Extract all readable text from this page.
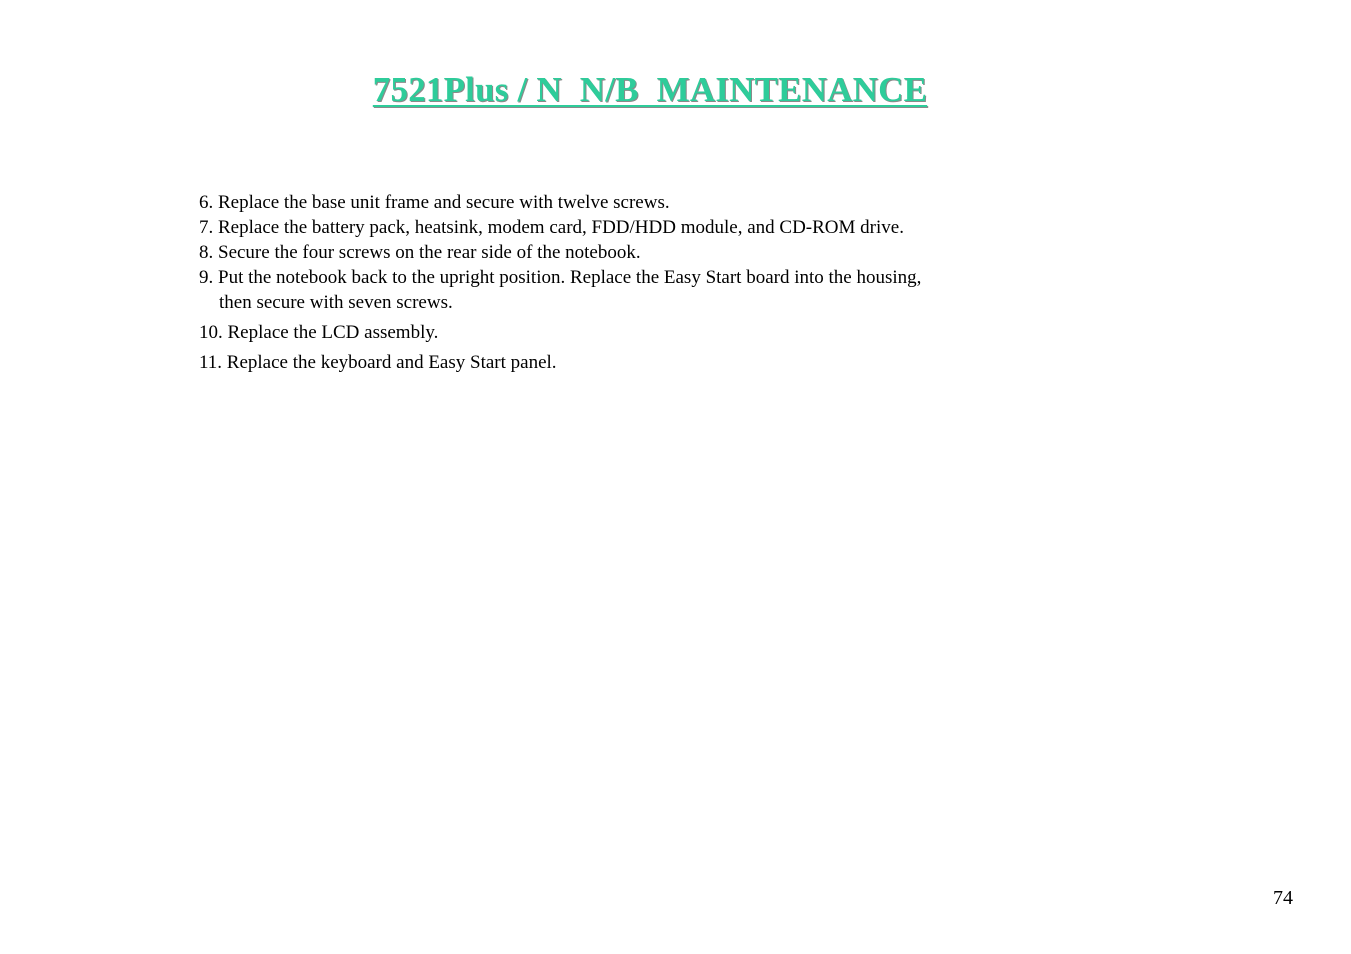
7521Plus / N  N/B  MAINTENANCE
6. Replace the base unit frame and secure with twelve screws.
7. Replace the battery pack, heatsink, modem card, FDD/HDD module, and CD-ROM drive.
8. Secure the four screws on the rear side of the notebook.
9. Put the notebook back to the upright position. Replace the Easy Start board into the housing,
then secure with seven screws.
10. Replace the LCD assembly.
11. Replace the keyboard and Easy Start panel.
74
